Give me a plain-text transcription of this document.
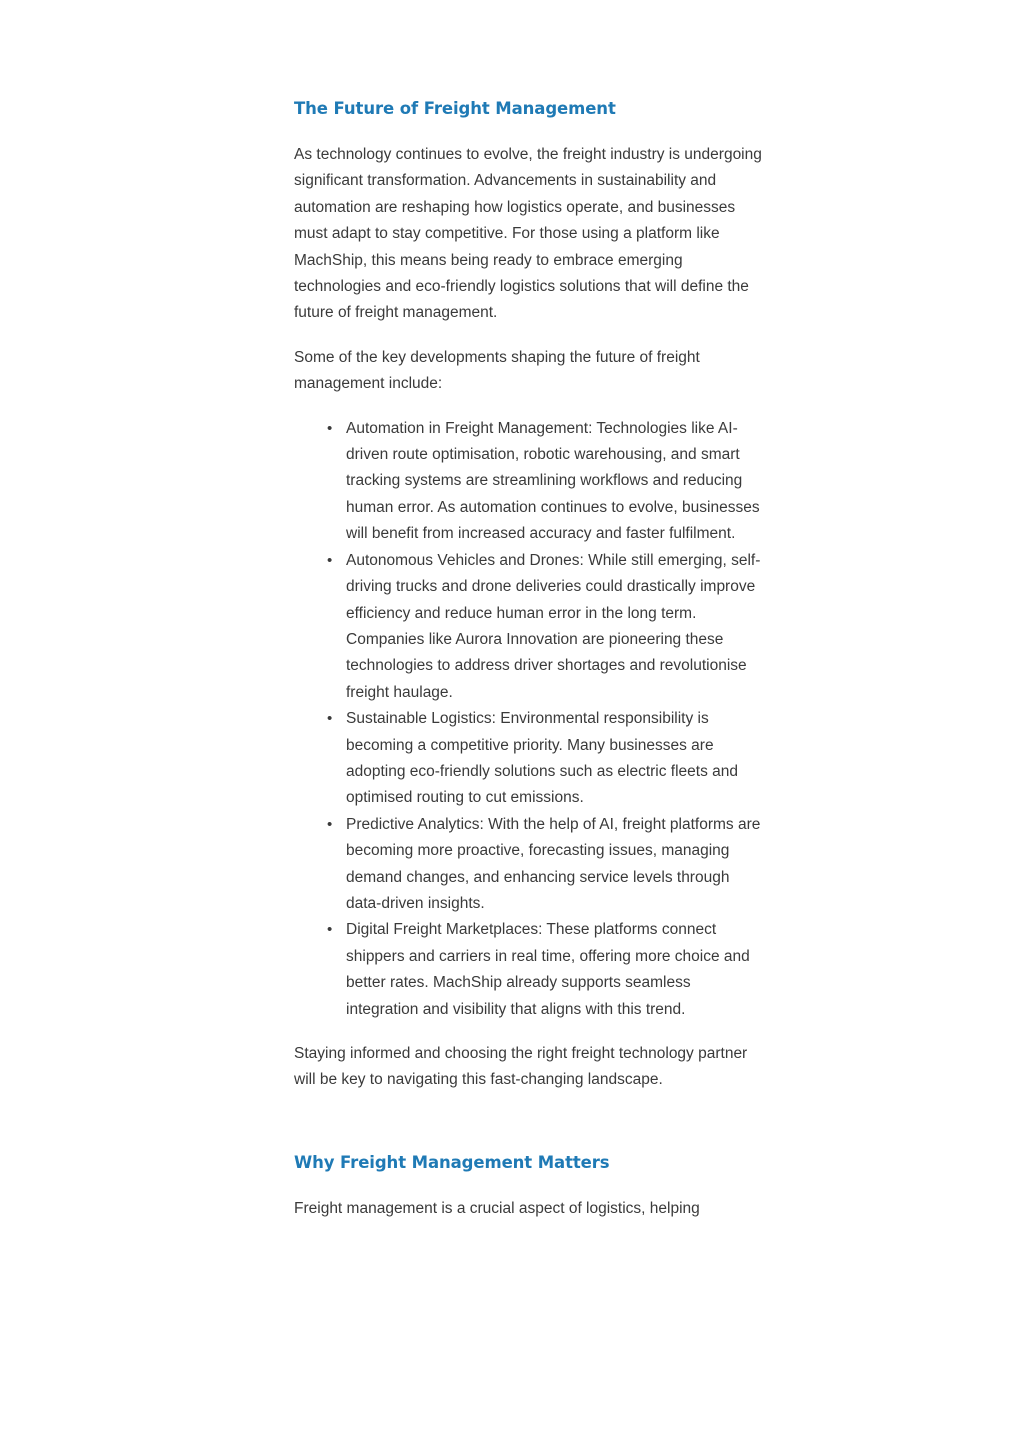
The Future of Freight Management

As technology continues to evolve, the freight industry is undergoing significant transformation. Advancements in sustainability and automation are reshaping how logistics operate, and businesses must adapt to stay competitive. For those using a platform like MachShip, this means being ready to embrace emerging technologies and eco-friendly logistics solutions that will define the future of freight management.

Some of the key developments shaping the future of freight management include:

• Automation in Freight Management: Technologies like AI-driven route optimisation, robotic warehousing, and smart tracking systems are streamlining workflows and reducing human error. As automation continues to evolve, businesses will benefit from increased accuracy and faster fulfilment.
• Autonomous Vehicles and Drones: While still emerging, self-driving trucks and drone deliveries could drastically improve efficiency and reduce human error in the long term. Companies like Aurora Innovation are pioneering these technologies to address driver shortages and revolutionise freight haulage.
• Sustainable Logistics: Environmental responsibility is becoming a competitive priority. Many businesses are adopting eco-friendly solutions such as electric fleets and optimised routing to cut emissions.
• Predictive Analytics: With the help of AI, freight platforms are becoming more proactive, forecasting issues, managing demand changes, and enhancing service levels through data-driven insights.
• Digital Freight Marketplaces: These platforms connect shippers and carriers in real time, offering more choice and better rates. MachShip already supports seamless integration and visibility that aligns with this trend.

Staying informed and choosing the right freight technology partner will be key to navigating this fast-changing landscape.

Why Freight Management Matters

Freight management is a crucial aspect of logistics, helping
